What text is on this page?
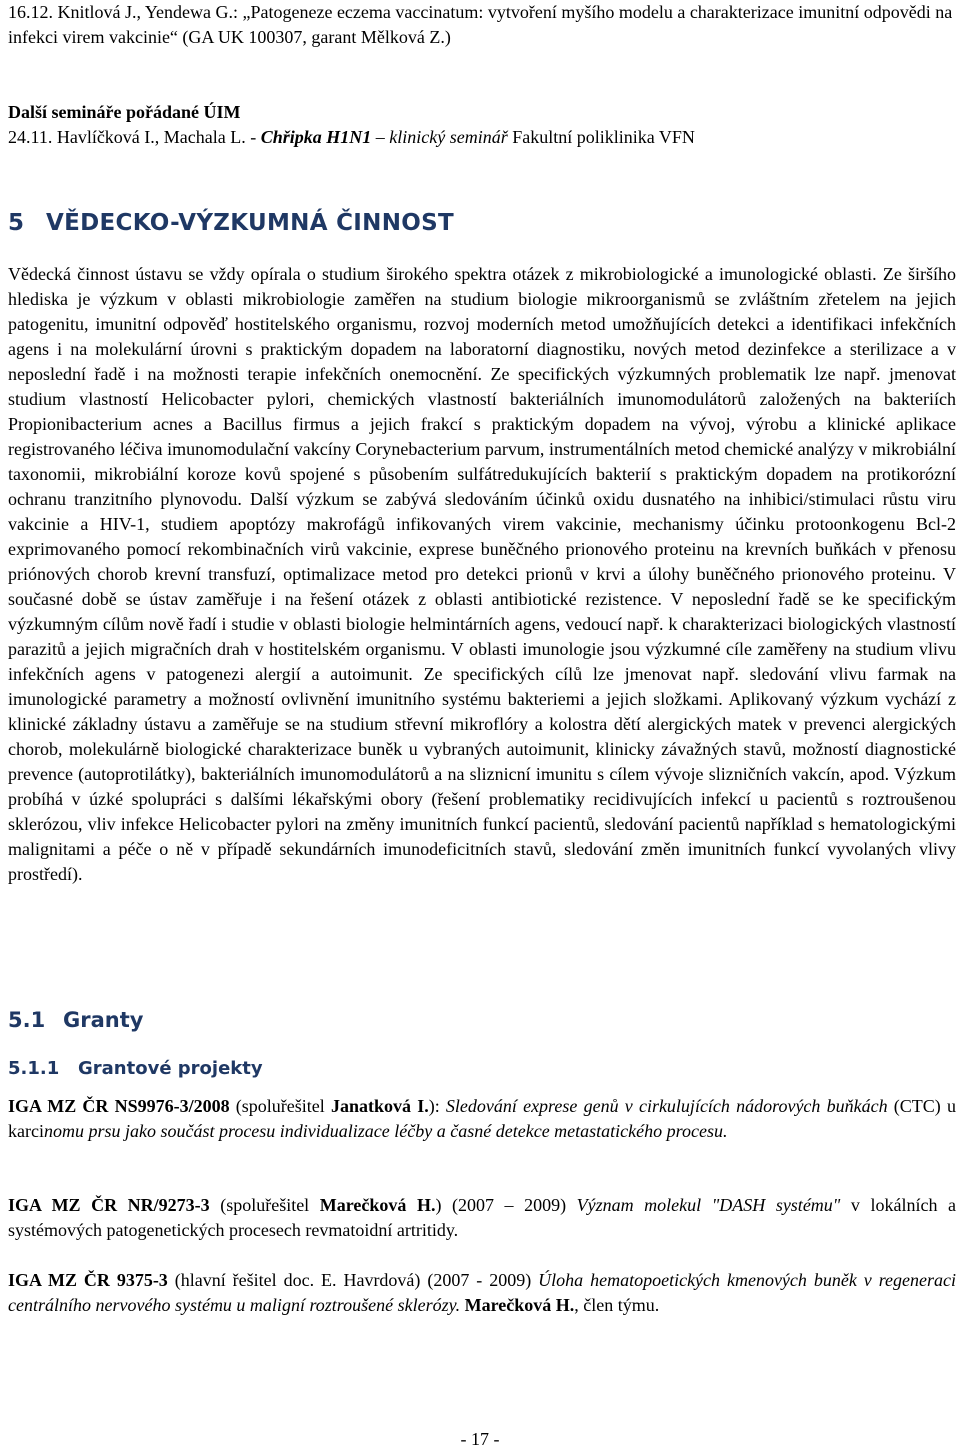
16.12. Knitlová J., Yendewa G.: „Patogeneze eczema vaccinatum: vytvoření myšího modelu a charakterizace imunitní odpovědi na infekci virem vakcinie“ (GA UK 100307, garant Mělková Z.)

Další semináře pořádané ÚIM

24.11. Havlíčková I., Machala L. - Chřipka H1N1 – klinický seminář Fakultní poliklinika VFN

5 VĚDECKO-VÝZKUMNÁ ČINNOST

Vědecká činnost ústavu se vždy opírala o studium širokého spektra otázek z mikrobiologické a imunologické oblasti. Ze širšího hlediska je výzkum v oblasti mikrobiologie zaměřen na studium biologie mikroorganismů se zvláštním zřetelem na jejich patogenitu, imunitní odpověď hostitelského organismu, rozvoj moderních metod umožňujících detekci a identifikaci infekčních agens i na molekulární úrovni s praktickým dopadem na laboratorní diagnostiku, nových metod dezinfekce a sterilizace a v neposlední řadě i na možnosti terapie infekčních onemocnění. Ze specifických výzkumných problematik lze např. jmenovat studium vlastností Helicobacter pylori, chemických vlastností bakteriálních imunomodulátorů založených na bakteriích Propionibacterium acnes a Bacillus firmus a jejich frakcí s praktickým dopadem na vývoj, výrobu a klinické aplikace registrovaného léčiva imunomodulační vakcíny Corynebacterium parvum, instrumentálních metod chemické analýzy v mikrobiální taxonomii, mikrobiální koroze kovů spojené s působením sulfátredukujících bakterií s praktickým dopadem na protikorózní ochranu tranzitního plynovodu. Další výzkum se zabývá sledováním účinků oxidu dusnatého na inhibici/stimulaci růstu viru vakcinie a HIV-1, studiem apoptózy makrofágů infikovaných virem vakcinie, mechanismy účinku protoonkogenu Bcl-2 exprimovaného pomocí rekombinačních virů vakcinie, exprese buněčného prionového proteinu na krevních buňkách v přenosu priónových chorob krevní transfuzí, optimalizace metod pro detekci prionů v krvi a úlohy buněčného prionového proteinu. V současné době se ústav zaměřuje i na řešení otázek z oblasti antibiotické rezistence. V neposlední řadě se ke specifickým výzkumným cílům nově řadí i studie v oblasti biologie helmintárních agens, vedoucí např. k charakterizaci biologických vlastností parazitů a jejich migračních drah v hostitelském organismu. V oblasti imunologie jsou výzkumné cíle zaměřeny na studium vlivu infekčních agens v patogenezi alergií a autoimunit. Ze specifických cílů lze jmenovat např. sledování vlivu farmak na imunologické parametry a možností ovlivnění imunitního systému bakteriemi a jejich složkami. Aplikovaný výzkum vychází z klinické základny ústavu a zaměřuje se na studium střevní mikroflóry a kolostra dětí alergických matek v prevenci alergických chorob, molekulárně biologické charakterizace buněk u vybraných autoimunit, klinicky závažných stavů, možností diagnostické prevence (autoprotilátky), bakteriálních imunomodulátorů a na sliznicní imunitu s cílem vývoje slizničních vakcín, apod. Výzkum probíhá v úzké spolupráci s dalšími lékařskými obory (řešení problematiky recidivujících infekcí u pacientů s roztroušenou sklerózou, vliv infekce Helicobacter pylori na změny imunitních funkcí pacientů, sledování pacientů například s hematologickými malignitami a péče o ně v případě sekundárních imunodeficitních stavů, sledování změn imunitních funkcí vyvolaných vlivy prostředí).

5.1 Granty
5.1.1 Grantové projekty

IGA MZ ČR NS9976-3/2008 (spoluřešitel Janatková I.): Sledování exprese genů v cirkulujících nádorových buňkách (CTC) u karcinomu prsu jako součást procesu individualizace léčby a časné detekce metastatického procesu.

IGA MZ ČR NR/9273-3 (spoluřešitel Marečková H.) (2007 – 2009) Význam molekul "DASH systému" v lokálních a systémových patogenetických procesech revmatoidní artritidy.

IGA MZ ČR 9375-3 (hlavní řešitel doc. E. Havrdová) (2007 - 2009) Úloha hematopoetických kmenových buněk v regeneraci centrálního nervového systému u maligní roztroušené sklerózy. Marečková H., člen týmu.

- 17 -
